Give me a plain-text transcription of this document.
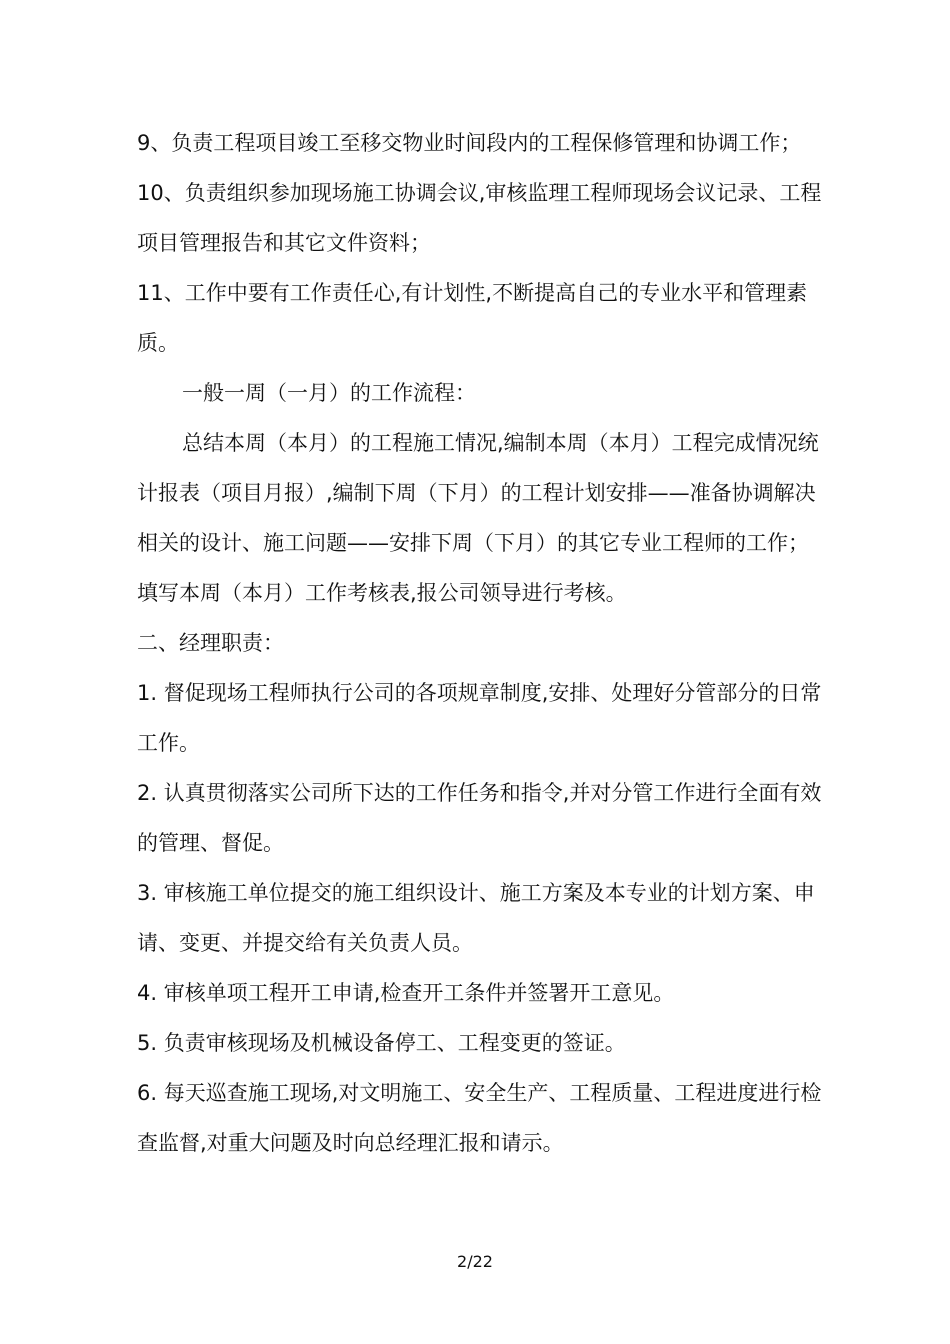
9、负责工程项目竣工至移交物业时间段内的工程保修管理和协调工作；

10、负责组织参加现场施工协调会议,审核监理工程师现场会议记录、工程项目管理报告和其它文件资料；

11、工作中要有工作责任心,有计划性,不断提高自己的专业水平和管理素质。

一般一周（一月）的工作流程：

总结本周（本月）的工程施工情况,编制本周（本月）工程完成情况统计报表（项目月报）,编制下周（下月）的工程计划安排——准备协调解决相关的设计、施工问题——安排下周（下月）的其它专业工程师的工作；填写本周（本月）工作考核表,报公司领导进行考核。

二、经理职责：

1. 督促现场工程师执行公司的各项规章制度,安排、处理好分管部分的日常工作。

2. 认真贯彻落实公司所下达的工作任务和指令,并对分管工作进行全面有效的管理、督促。

3. 审核施工单位提交的施工组织设计、施工方案及本专业的计划方案、申请、变更、并提交给有关负责人员。

4. 审核单项工程开工申请,检查开工条件并签署开工意见。

5. 负责审核现场及机械设备停工、工程变更的签证。

6. 每天巡查施工现场,对文明施工、安全生产、工程质量、工程进度进行检查监督,对重大问题及时向总经理汇报和请示。

2/22
